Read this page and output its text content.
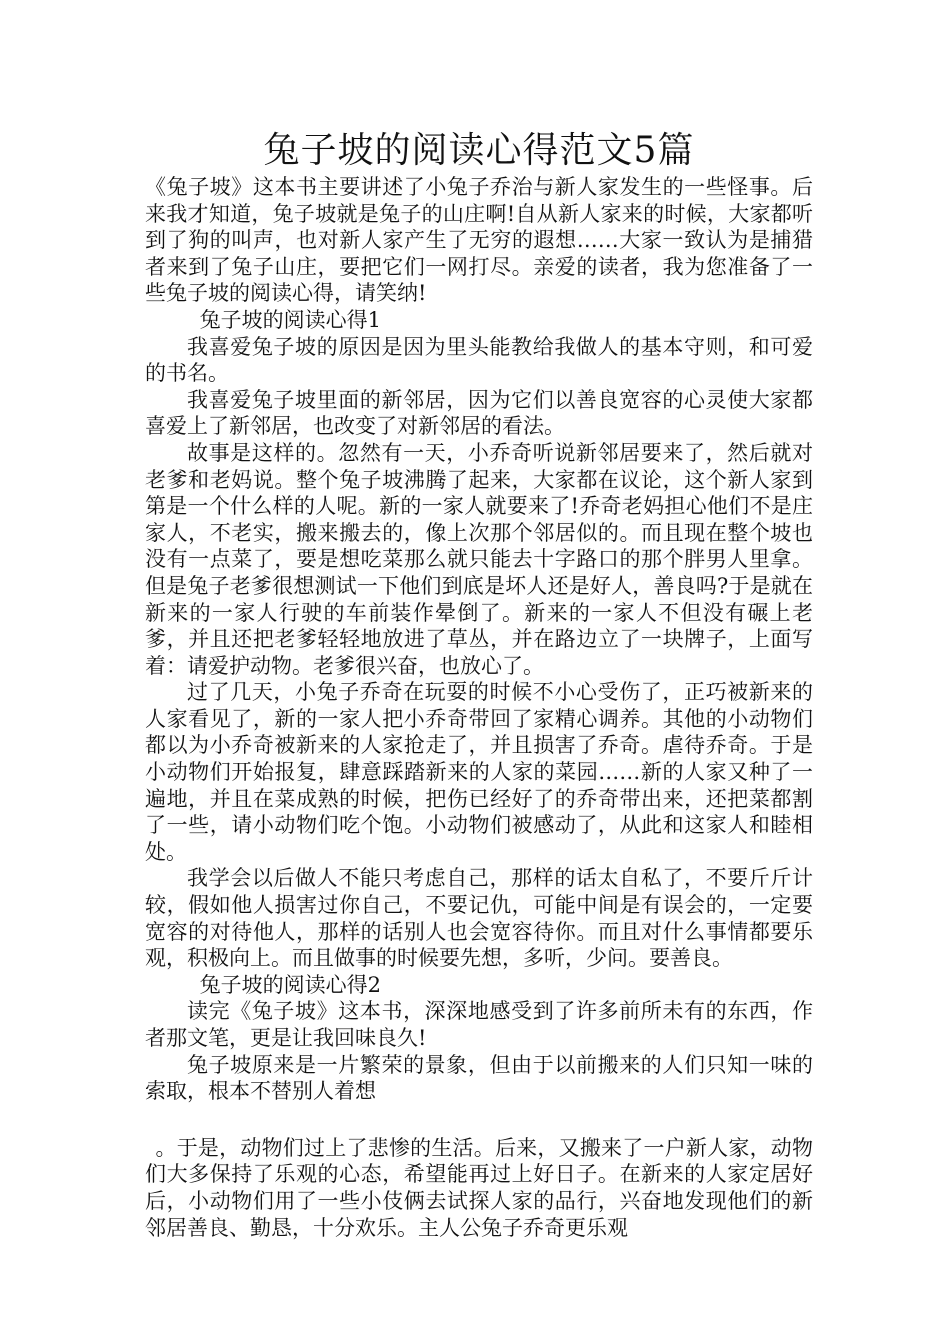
兔子坡的阅读心得范文5篇

《兔子坡》这本书主要讲述了小兔子乔治与新人家发生的一些怪事。后来我才知道，兔子坡就是兔子的山庄啊!自从新人家来的时候，大家都听到了狗的叫声，也对新人家产生了无穷的遐想……大家一致认为是捕猎者来到了兔子山庄，要把它们一网打尽。亲爱的读者，我为您准备了一些兔子坡的阅读心得，请笑纳!

兔子坡的阅读心得1

我喜爱兔子坡的原因是因为里头能教给我做人的基本守则，和可爱的书名。

我喜爱兔子坡里面的新邻居，因为它们以善良宽容的心灵使大家都喜爱上了新邻居，也改变了对新邻居的看法。

故事是这样的。忽然有一天，小乔奇听说新邻居要来了，然后就对老爹和老妈说。整个兔子坡沸腾了起来，大家都在议论，这个新人家到第是一个什么样的人呢。新的一家人就要来了!乔奇老妈担心他们不是庄家人，不老实，搬来搬去的，像上次那个邻居似的。而且现在整个坡也没有一点菜了，要是想吃菜那么就只能去十字路口的那个胖男人里拿。但是兔子老爹很想测试一下他们到底是坏人还是好人，善良吗?于是就在新来的一家人行驶的车前装作晕倒了。新来的一家人不但没有碾上老爹，并且还把老爹轻轻地放进了草丛，并在路边立了一块牌子，上面写着：请爱护动物。老爹很兴奋，也放心了。

过了几天，小兔子乔奇在玩耍的时候不小心受伤了，正巧被新来的人家看见了，新的一家人把小乔奇带回了家精心调养。其他的小动物们都以为小乔奇被新来的人家抢走了，并且损害了乔奇。虐待乔奇。于是小动物们开始报复，肆意踩踏新来的人家的菜园……新的人家又种了一遍地，并且在菜成熟的时候，把伤已经好了的乔奇带出来，还把菜都割了一些，请小动物们吃个饱。小动物们被感动了，从此和这家人和睦相处。

我学会以后做人不能只考虑自己，那样的话太自私了，不要斤斤计较，假如他人损害过你自己，不要记仇，可能中间是有误会的，一定要宽容的对待他人，那样的话别人也会宽容待你。而且对什么事情都要乐观，积极向上。而且做事的时候要先想，多听，少问。要善良。

兔子坡的阅读心得2

读完《兔子坡》这本书，深深地感受到了许多前所未有的东西，作者那文笔，更是让我回味良久!

兔子坡原来是一片繁荣的景象，但由于以前搬来的人们只知一味的索取，根本不替别人着想

。于是，动物们过上了悲惨的生活。后来，又搬来了一户新人家，动物们大多保持了乐观的心态，希望能再过上好日子。在新来的人家定居好后，小动物们用了一些小伎俩去试探人家的品行，兴奋地发现他们的新邻居善良、勤恳，十分欢乐。主人公兔子乔奇更乐观
